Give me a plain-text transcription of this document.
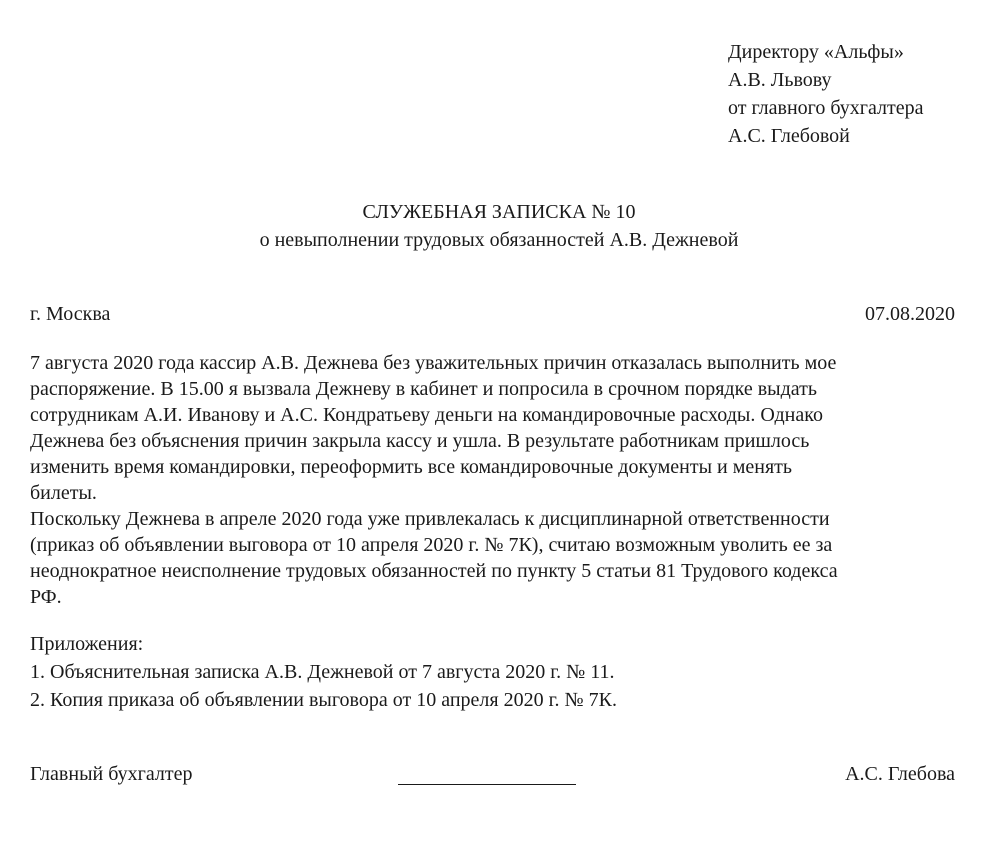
Директору «Альфы»
А.В. Львову
от главного бухгалтера
А.С. Глебовой
СЛУЖЕБНАЯ ЗАПИСКА № 10
о невыполнении трудовых обязанностей А.В. Дежневой
г. Москва	07.08.2020
7 августа 2020 года кассир А.В. Дежнева без уважительных причин отказалась выполнить мое
распоряжение. В 15.00 я вызвала Дежневу в кабинет и попросила в срочном порядке выдать
сотрудникам А.И. Иванову и А.С. Кондратьеву деньги на командировочные расходы. Однако
Дежнева без объяснения причин закрыла кассу и ушла. В результате работникам пришлось
изменить время командировки, переоформить все командировочные документы и менять
билеты.
Поскольку Дежнева в апреле 2020 года уже привлекалась к дисциплинарной ответственности
(приказ об объявлении выговора от 10 апреля 2020 г. № 7К), считаю возможным уволить ее за
неоднократное неисполнение трудовых обязанностей по пункту 5 статьи 81 Трудового кодекса
РФ.
Приложения:
1. Объяснительная записка А.В. Дежневой от 7 августа 2020 г. № 11.
2. Копия приказа об объявлении выговора от 10 апреля 2020 г. № 7К.
Главный бухгалтер	А.С. Глебова
